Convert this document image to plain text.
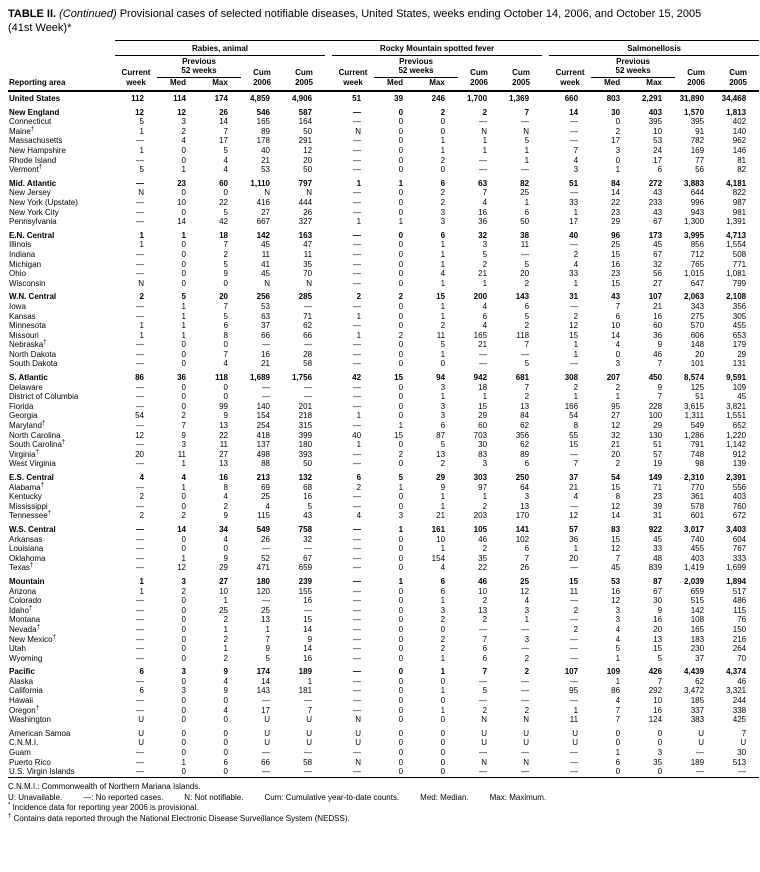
TABLE II. (Continued) Provisional cases of selected notifiable diseases, United States, weeks ending October 14, 2006, and October 15, 2005
(41st Week)*
Reporting area	Rabies, animal						Rocky Mountain spotted fever						Salmonellosis				
	Current
week	Previous
52 weeks		Cum
2006	Cum
2005		Current
week	Previous
52 weeks		Cum
2006	Cum
2005		Current
week	Previous
52 weeks		Cum
2006	Cum
2005
		Med	Max					Med	Max					Med	Max		
United States	112	114	174	4,859	4,906		51	39	246	1,700	1,369		660	803	2,291	31,890	34,468
New England	12	12	26	546	587		—	0	2	2	7		14	30	403	1,570	1,813
Connecticut	5	3	14	165	164		—	0	0	—	—		—	0	395	395	402
Maine†	1	2	7	89	50		N	0	0	N	N		—	2	10	91	140
Massachusetts	—	4	17	178	291		—	0	1	1	5		—	17	53	782	962
New Hampshire	1	0	5	40	12		—	0	1	1	1		7	3	24	169	146
Rhode Island	—	0	4	21	20		—	0	2	—	1		4	0	17	77	81
Vermont†	5	1	4	53	50		—	0	0	—	—		3	1	6	56	82
Mid. Atlantic	—	23	60	1,110	797		1	1	6	63	82		51	84	272	3,883	4,181
New Jersey	N	0	0	N	N		—	0	2	7	25		—	14	43	644	822
New York (Upstate)	—	10	22	416	444		—	0	2	4	1		33	22	233	996	987
New York City	—	0	5	27	26		—	0	3	16	6		1	23	43	943	981
Pennsylvania	—	14	42	667	327		1	1	3	36	50		17	29	67	1,300	1,391
E.N. Central	1	1	18	142	163		—	0	6	32	38		40	96	173	3,995	4,713
Illinois	1	0	7	45	47		—	0	1	3	11		—	25	45	856	1,554
Indiana	—	0	2	11	11		—	0	1	5	—		2	15	67	712	508
Michigan	—	0	5	41	35		—	0	1	2	5		4	16	32	765	771
Ohio	—	0	9	45	70		—	0	4	21	20		33	23	56	1,015	1,081
Wisconsin	N	0	0	N	N		—	0	1	1	2		1	15	27	647	799
W.N. Central	2	5	20	256	285		2	2	15	200	143		31	43	107	2,063	2,108
Iowa	—	1	7	53	—		—	0	1	4	6		—	7	21	343	356
Kansas	—	1	5	63	71		1	0	1	6	5		2	6	16	275	305
Minnesota	1	1	6	37	62		—	0	2	4	2		12	10	60	570	455
Missouri	1	1	8	66	66		1	2	11	165	118		15	14	36	606	653
Nebraska†	—	0	0	—	—		—	0	5	21	7		1	4	9	148	179
North Dakota	—	0	7	16	28		—	0	1	—	—		1	0	46	20	29
South Dakota	—	0	4	21	58		—	0	0	—	5		—	3	7	101	131
S. Atlantic	86	36	118	1,689	1,756		42	15	94	942	681		308	207	450	8,574	9,591
Delaware	—	0	0	—	—		—	0	3	18	7		2	2	9	125	109
District of Columbia	—	0	0	—	—		—	0	1	1	2		1	1	7	51	45
Florida	—	0	99	140	201		—	0	3	15	13		166	95	228	3,615	3,821
Georgia	54	2	9	154	218		1	0	3	29	84		54	27	100	1,311	1,551
Maryland†	—	7	13	254	315		—	1	6	60	62		8	12	29	549	652
North Carolina	12	9	22	418	399		40	15	87	703	356		55	32	130	1,286	1,220
South Carolina†	—	3	11	137	180		1	0	5	30	62		15	21	51	791	1,142
Virginia†	20	11	27	498	393		—	2	13	83	89		—	20	57	748	912
West Virginia	—	1	13	88	50		—	0	2	3	6		7	2	19	98	139
E.S. Central	4	4	16	213	132		6	5	29	303	250		37	54	149	2,310	2,391
Alabama†	—	1	8	69	68		2	1	9	97	64		21	15	71	770	556
Kentucky	2	0	4	25	16		—	0	1	1	3		4	8	23	361	403
Mississippi	—	0	2	4	5		—	0	1	2	13		—	12	39	578	760
Tennessee†	2	2	9	115	43		4	3	21	203	170		12	14	31	601	672
W.S. Central	—	14	34	549	758		—	1	161	105	141		57	83	922	3,017	3,403
Arkansas	—	0	4	26	32		—	0	10	46	102		36	15	45	740	604
Louisiana	—	0	0	—	—		—	0	1	2	6		1	12	33	455	767
Oklahoma	—	1	9	52	67		—	0	154	35	7		20	7	48	403	333
Texas†	—	12	29	471	659		—	0	4	22	26		—	45	839	1,419	1,699
Mountain	1	3	27	180	239		—	1	6	46	25		15	53	87	2,039	1,894
Arizona	1	2	10	120	155		—	0	6	10	12		11	16	67	659	517
Colorado	—	0	1	—	16		—	0	1	2	4		—	12	30	515	486
Idaho†	—	0	25	25	—		—	0	3	13	3		2	3	9	142	115
Montana	—	0	2	13	15		—	0	2	2	1		—	3	16	108	76
Nevada†	—	0	1	1	14		—	0	0	—	—		2	4	20	165	150
New Mexico†	—	0	2	7	9		—	0	2	7	3		—	4	13	183	216
Utah	—	0	1	9	14		—	0	2	6	—		—	5	15	230	264
Wyoming	—	0	2	5	16		—	0	1	6	2		—	1	5	37	70
Pacific	6	3	9	174	189		—	0	1	7	2		107	109	426	4,439	4,374
Alaska	—	0	4	14	1		—	0	0	—	—		—	1	7	62	46
California	6	3	9	143	181		—	0	1	5	—		95	86	292	3,472	3,321
Hawaii	—	0	0	—	—		—	0	0	—	—		—	4	10	185	244
Oregon†	—	0	4	17	7		—	0	1	2	2		1	7	16	337	338
Washington	U	0	0	U	U		N	0	0	N	N		11	7	124	383	425
American Samoa	U	0	0	U	U		U	0	0	U	U		U	0	0	U	7
C.N.M.I.	U	0	0	U	U		U	0	0	U	U		U	0	0	U	U
Guam	—	0	0	—	—		—	0	0	—	—		—	1	3	—	30
Puerto Rico	—	1	6	66	58		N	0	0	N	N		—	6	35	189	513
U.S. Virgin Islands	—	0	0	—	—		—	0	0	—	—		—	0	0	—	—
C.N.M.I.: Commonwealth of Northern Mariana Islands.
U: Unavailable.	—: No reported cases.	N: Not notifiable.	Cum: Cumulative year-to-date counts.	Med: Median.	Max: Maximum.
* Incidence data for reporting year 2006 is provisional.
† Contains data reported through the National Electronic Disease Surveillance System (NEDSS).
